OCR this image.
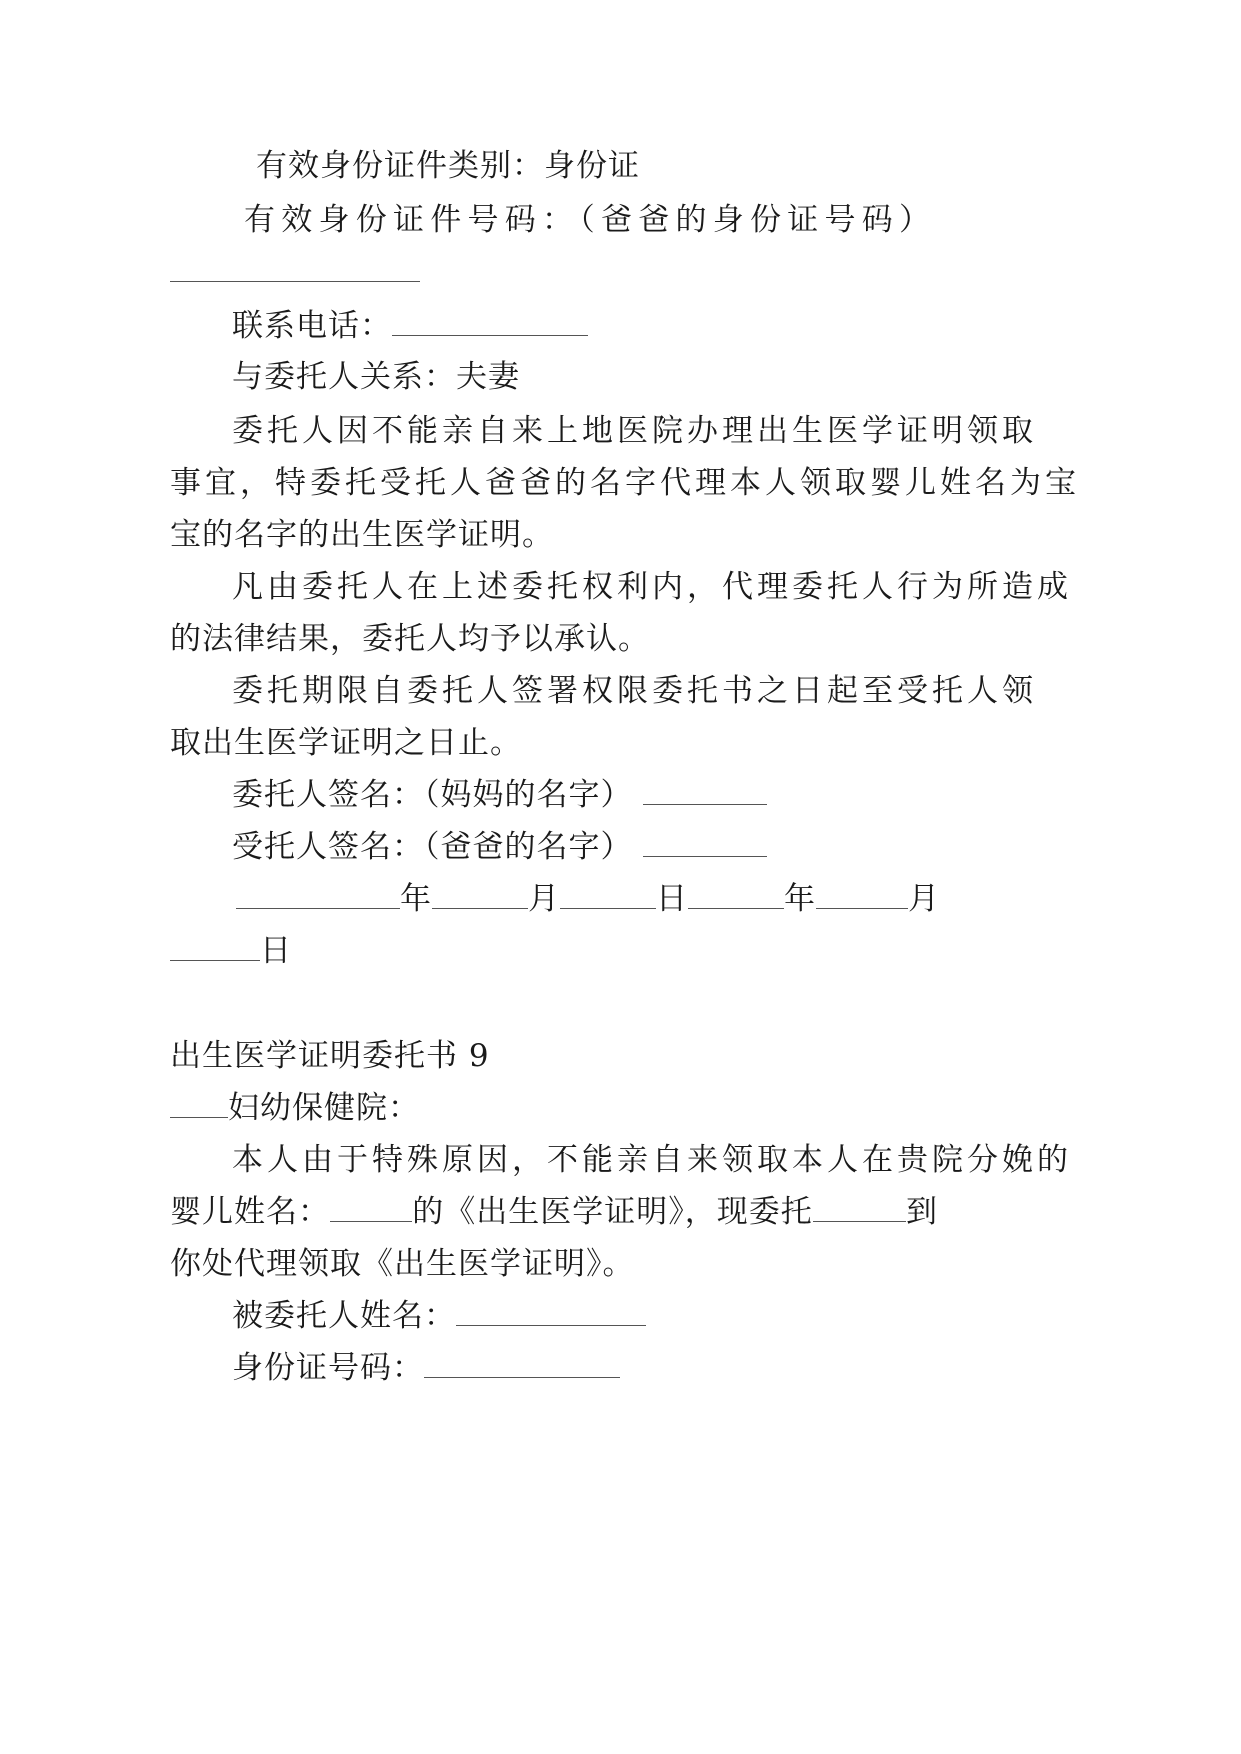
有效身份证件类别：身份证
有效身份证件号码：（爸爸的身份证号码）
联系电话：
与委托人关系：夫妻
委托人因不能亲自来上地医院办理出生医学证明领取
事宜，特委托受托人爸爸的名字代理本人领取婴儿姓名为宝
宝的名字的出生医学证明。
凡由委托人在上述委托权利内，代理委托人行为所造成
的法律结果，委托人均予以承认。
委托期限自委托人签署权限委托书之日起至受托人领
取出生医学证明之日止。
委托人签名：（妈妈的名字）
受托人签名：（爸爸的名字）
年	月	日	年	月
日
出生医学证明委托书 9
妇幼保健院：
本人由于特殊原因，不能亲自来领取本人在贵院分娩的
婴儿姓名：	的《出生医学证明》，现委托	到
你处代理领取《出生医学证明》。
被委托人姓名：
身份证号码：
